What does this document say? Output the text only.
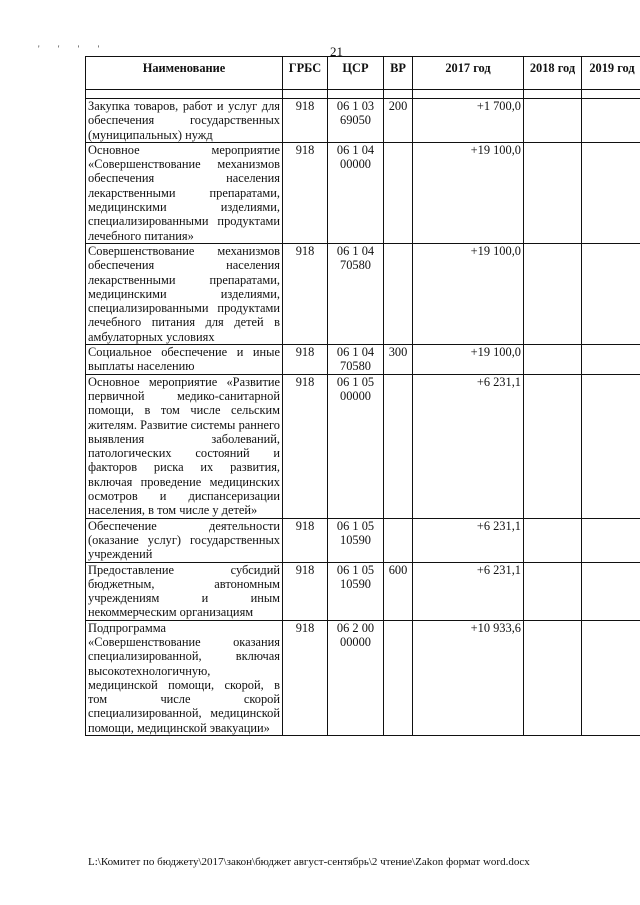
' ' ' '	21
Наименование	ГРБС	ЦСР	ВР	2017 год	2018 год	2019 год

Закупка товаров, работ и услуг для обеспечения государственных (муниципальных) нужд	918	06 1 03 69050	200	+1 700,0		
Основное мероприятие «Совершенствование механизмов обеспечения населения лекарственными препаратами, медицинскими изделиями, специализированными продуктами лечебного питания»	918	06 1 04 00000		+19 100,0		
Совершенствование механизмов обеспечения населения лекарственными препаратами, медицинскими изделиями, специализированными продуктами лечебного питания для детей в амбулаторных условиях	918	06 1 04 70580		+19 100,0		
Социальное обеспечение и иные выплаты населению	918	06 1 04 70580	300	+19 100,0		
Основное мероприятие «Развитие первичной медико-санитарной помощи, в том числе сельским жителям. Развитие системы раннего выявления заболеваний, патологических состояний и факторов риска их развития, включая проведение медицинских осмотров и диспансеризации населения, в том числе у детей»	918	06 1 05 00000		+6 231,1		
Обеспечение деятельности (оказание услуг) государственных учреждений	918	06 1 05 10590		+6 231,1		
Предоставление субсидий бюджетным, автономным учреждениям и иным некоммерческим организациям	918	06 1 05 10590	600	+6 231,1		
Подпрограмма «Совершенствование оказания специализированной, включая высокотехнологичную, медицинской помощи, скорой, в том числе скорой специализированной, медицинской помощи, медицинской эвакуации»	918	06 2 00 00000		+10 933,6		
L:\Комитет по бюджету\2017\закон\бюджет август-сентябрь\2 чтение\Zakon формат word.docx
